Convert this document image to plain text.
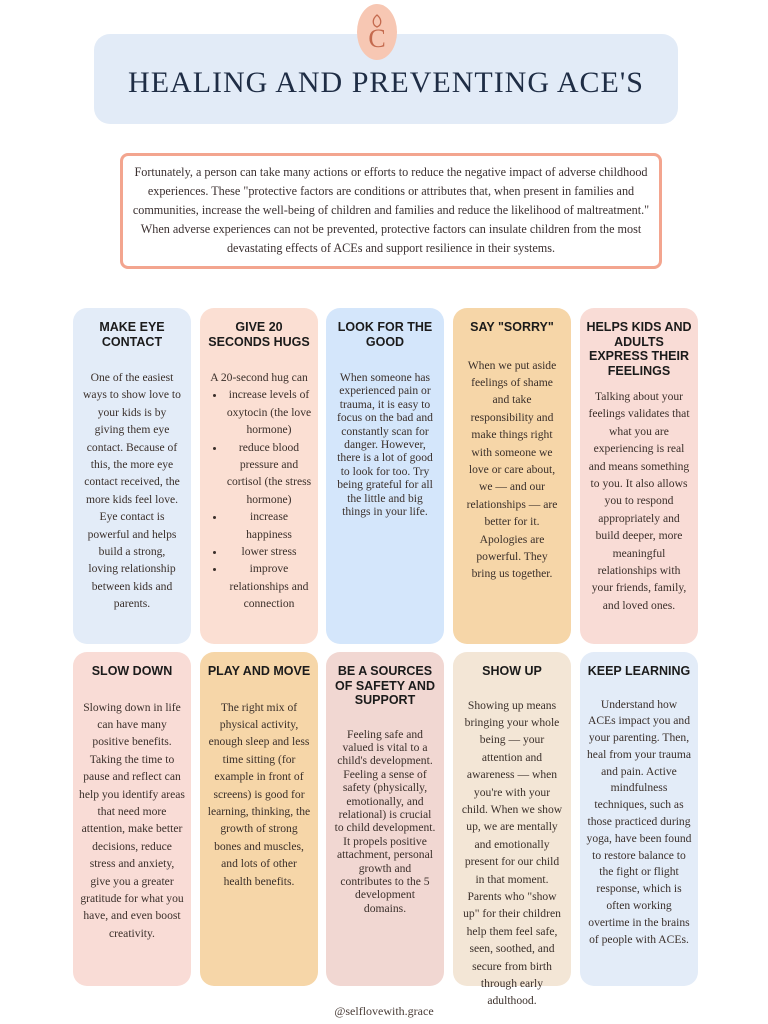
C
HEALING AND PREVENTING ACE'S
Fortunately, a person can take many actions or efforts to reduce the negative impact of adverse childhood experiences. These "protective factors are conditions or attributes that, when present in families and communities, increase the well-being of children and families and reduce the likelihood of maltreatment." When adverse experiences can not be prevented, protective factors can insulate children from the most devastating effects of ACEs and support resilience in their systems.
MAKE EYE CONTACT

One of the easiest ways to show love to your kids is by giving them eye contact. Because of this, the more eye contact received, the more kids feel love. Eye contact is powerful and helps build a strong, loving relationship between kids and parents.

GIVE 20 SECONDS HUGS

A 20-second hug can

• increase levels of oxytocin (the love hormone)
• reduce blood pressure and cortisol (the stress hormone)
• increase happiness
• lower stress
• improve relationships and connection
LOOK FOR THE GOOD

When someone has experienced pain or trauma, it is easy to focus on the bad and constantly scan for danger. However, there is a lot of good to look for too. Try being grateful for all the little and big things in your life.

SAY "SORRY"

When we put aside feelings of shame and take responsibility and make things right with someone we love or care about, we — and our relationships — are better for it. Apologies are powerful. They bring us together.

HELPS KIDS AND ADULTS EXPRESS THEIR FEELINGS

Talking about your feelings validates that what you are experiencing is real and means something to you. It also allows you to respond appropriately and build deeper, more meaningful relationships with your friends, family, and loved ones.

SLOW DOWN

Slowing down in life can have many positive benefits. Taking the time to pause and reflect can help you identify areas that need more attention, make better decisions, reduce stress and anxiety, give you a greater gratitude for what you have, and even boost creativity.

PLAY AND MOVE

The right mix of physical activity, enough sleep and less time sitting (for example in front of screens) is good for learning, thinking, the growth of strong bones and muscles, and lots of other health benefits.

BE A SOURCES OF SAFETY AND SUPPORT

Feeling safe and valued is vital to a child's development. Feeling a sense of safety (physically, emotionally, and relational) is crucial to child development. It propels positive attachment, personal growth and contributes to the 5 development domains.

SHOW UP

Showing up means bringing your whole being — your attention and awareness — when you're with your child. When we show up, we are mentally and emotionally present for our child in that moment. Parents who "show up" for their children help them feel safe, seen, soothed, and secure from birth through early adulthood.

KEEP LEARNING

Understand how ACEs impact you and your parenting. Then, heal from your trauma and pain. Active mindfulness techniques, such as those practiced during yoga, have been found to restore balance to the fight or flight response, which is often working overtime in the brains of people with ACEs.

@selflovewith.grace
